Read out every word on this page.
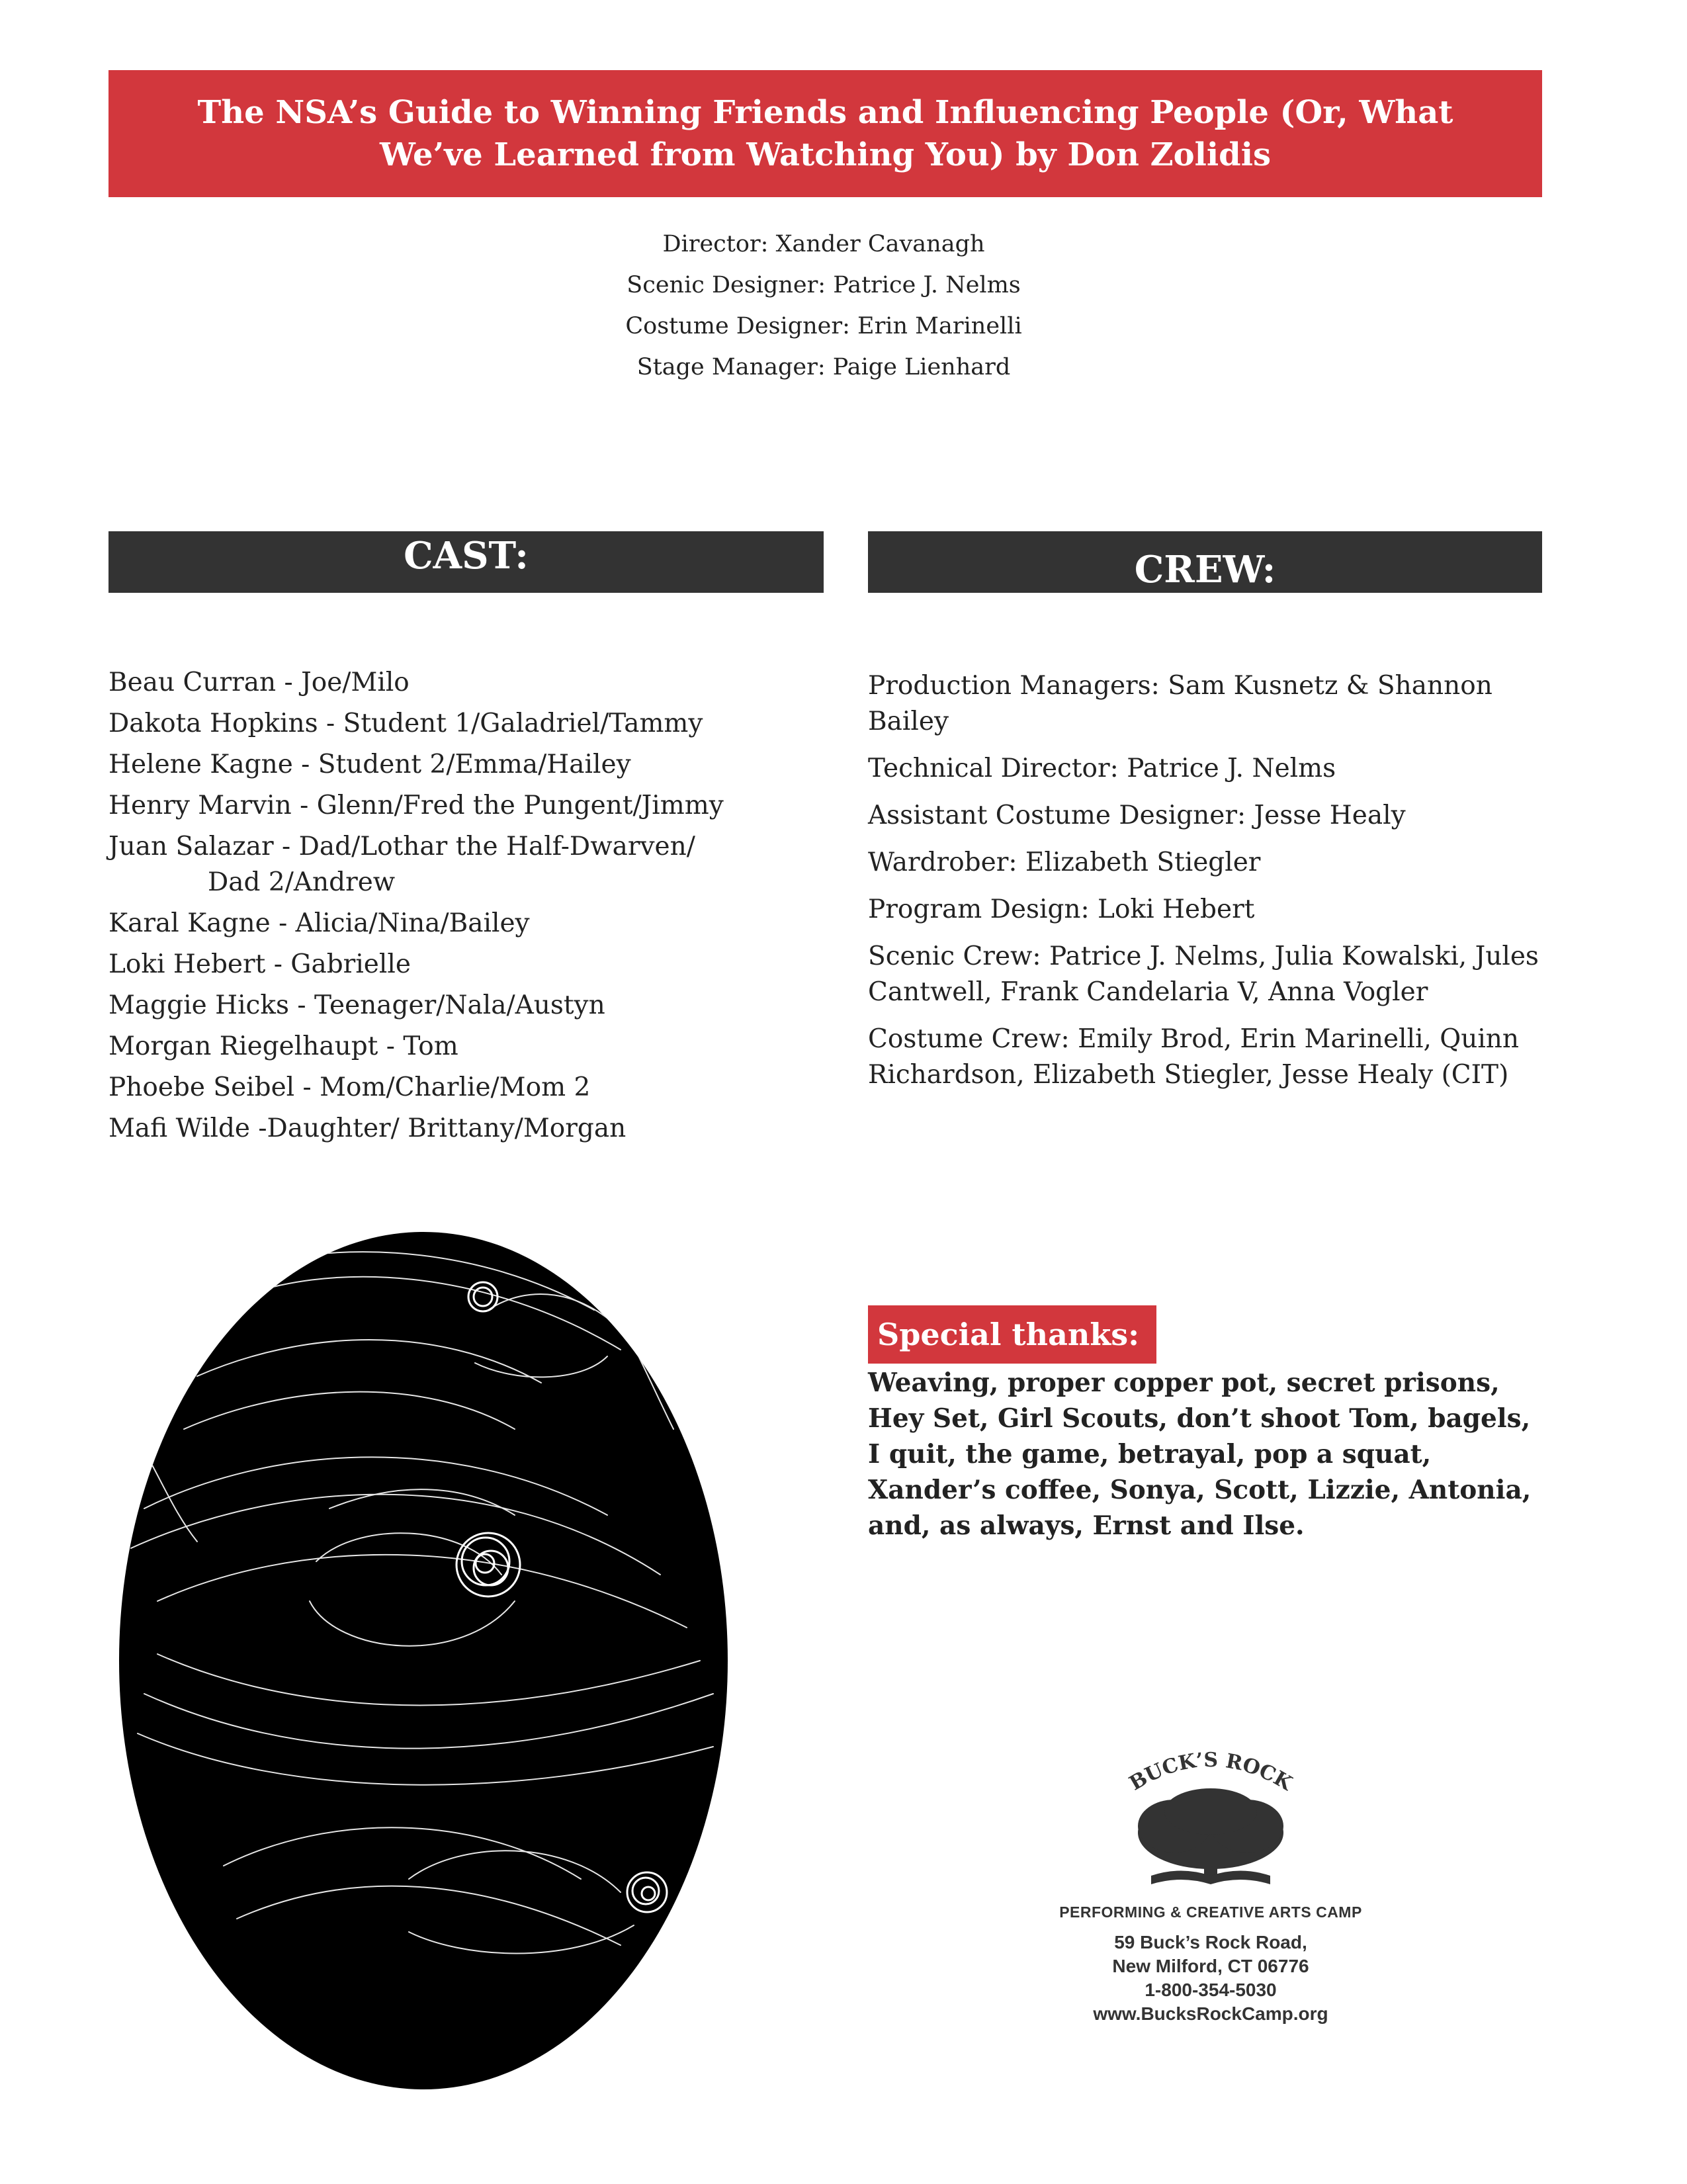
The NSA’s Guide to Winning Friends and Influencing People (Or, What We’ve Learned from Watching You) by Don Zolidis
Director: Xander Cavanagh
Scenic Designer: Patrice J. Nelms
Costume Designer: Erin Marinelli
Stage Manager: Paige Lienhard
CAST:	CREW:
Beau Curran - Joe/Milo
Dakota Hopkins - Student 1/Galadriel/Tammy
Helene Kagne - Student 2/Emma/Hailey
Henry Marvin - Glenn/Fred the Pungent/Jimmy
Juan Salazar - Dad/Lothar the Half-Dwarven/
Dad 2/Andrew
Karal Kagne - Alicia/Nina/Bailey
Loki Hebert - Gabrielle
Maggie Hicks - Teenager/Nala/Austyn
Morgan Riegelhaupt - Tom
Phoebe Seibel - Mom/Charlie/Mom 2
Mafi Wilde -Daughter/ Brittany/Morgan
Production Managers: Sam Kusnetz & Shannon Bailey
Technical Director: Patrice J. Nelms
Assistant Costume Designer: Jesse Healy
Wardrober: Elizabeth Stiegler
Program Design: Loki Hebert
Scenic Crew: Patrice J. Nelms, Julia Kowalski, Jules Cantwell, Frank Candelaria V, Anna Vogler
Costume Crew: Emily Brod, Erin Marinelli, Quinn Richardson, Elizabeth Stiegler, Jesse Healy (CIT)
BUCK’S ROCK
PERFORMING & CREATIVE ARTS CAMP
59 Buck’s Rock Road,
New Milford, CT 06776
1-800-354-5030
www.BucksRockCamp.org
Special thanks:
Weaving, proper copper pot, secret prisons, Hey Set, Girl Scouts, don’t shoot Tom, bagels, I quit, the game, betrayal, pop a squat, Xander’s coffee, Sonya, Scott, Lizzie, Antonia, and, as always, Ernst and Ilse.
